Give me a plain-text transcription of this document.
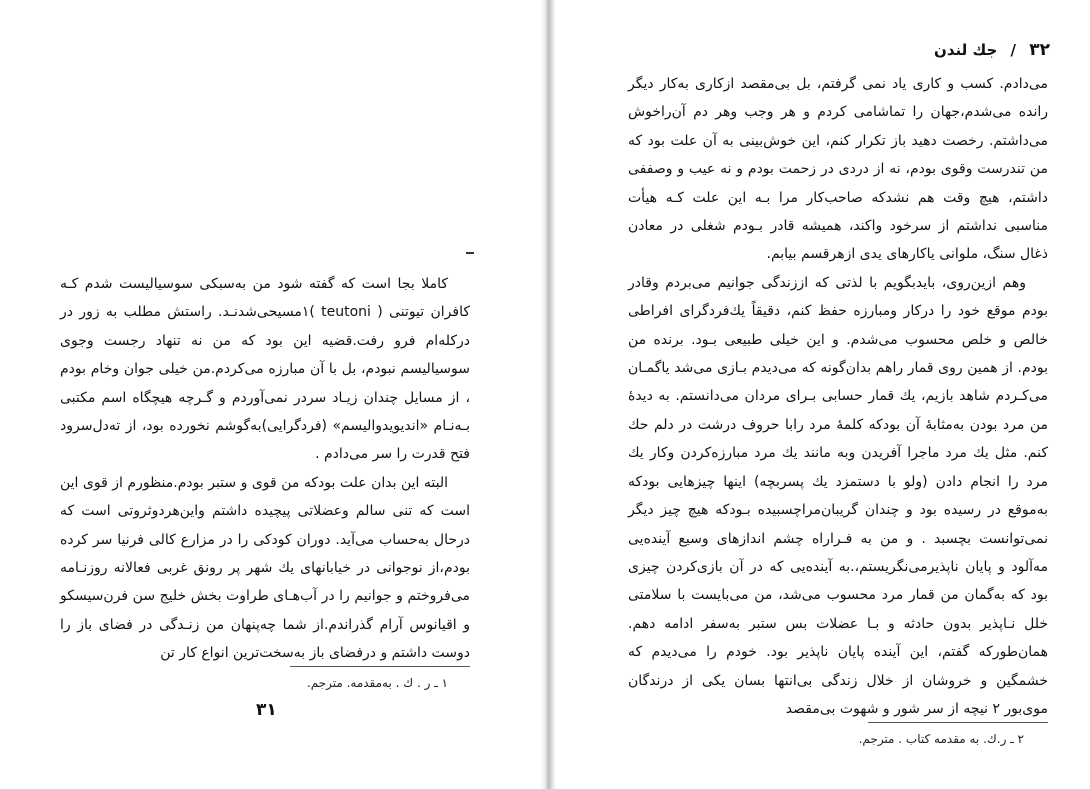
کاملا بجا است که گفته شود من به‌سبکی سوسیالیست شدم کـه کافران تیوتنی ( teutoni )۱مسیحی‌شدنـد. راستش مطلب به زور در درکله‌ام فرو رفت.قضیه این بود که من نه تنهاد رجست وجوی سوسیالیسم نبودم، بل با آن مبارزه می‌کردم.من خیلی جوان وخام بودم ، از مسایل چندان زیـاد سردر نمی‌آوردم و گـرچه هیچگاه اسم مکتبی بـه‌نـام «اندیویدوالیسم» (فردگرایی)به‌گوشم نخورده بود، از تەدل‌سرود فتح قدرت را سر می‌دادم .

البته این بدان علت بودکه من قوی و ستبر بودم.منظورم از قوی این است که تنی سالم وعضلاتی پیچیده داشتم واین‌هردوثروتی است که درحال به‌حساب می‌آید. دوران کودکی را در مزارع کالی فرنیا سر کرده بودم،از نوجوانی در خیابانهای یك شهر پر رونق غربی فعالانه روزنـامه می‌فروختم و جوانیم را در آب‌هـای طراوت بخش خلیج سن فرن‌سیسکو و اقیانوس آرام گذراندم.از شما چه‌پنهان من زنـدگی در فضای باز را دوست داشتم و درفضای باز به‌سخت‌ترین انواع کار تن

۱ ـ ر . ك . به‌مقدمه. مترجم.
۳۱
۳۲ / جك لندن

می‌دادم. کسب و کاری یاد نمی گرفتم، بل بی‌مقصد ازکاری به‌کار دیگر رانده می‌شدم،جهان را تماشامی کردم و هر وجب وهر دم آن‌راخوش می‌داشتم. رخصت دهید باز تکرار کنم، این خوش‌بینی به آن علت بود که من تندرست وقوی بودم، نه از دردی در زحمت بودم و نه عیب و وصففی داشتم، هیچ وقت هم نشدکه صاحب‌کار مرا بـه این علت کـه هیأت مناسبی نداشتم از سرخود واکند، همیشه قادر بـودم شغلی در معادن ذغال سنگ، ملوانی یاکارهای یدی ازهرقسم بیابم.

وهم ازین‌روی، بایدبگویم با لذتی که اززندگی جوانیم می‌بردم وقادر بودم موقع خود را درکار ومبارزه حفظ کنم، دقیقاً یك‌فردگرای افراطی خالص و خلص محسوب می‌شدم. و این خیلی طبیعی بـود. برنده من بودم. از همین روی قمار راهم بدان‌گونه که می‌دیدم بـازی می‌شد یاگمـان می‌کـردم شاهد بازیم، یك قمار حسابی بـرای مردان می‌دانستم. به دیدهٔ من مرد بودن به‌مثابهٔ آن بودکه کلمهٔ مرد رابا حروف درشت در دلم حك کنم. مثل یك مرد ماجرا آفریدن وبه مانند یك مرد مبارزه‌کردن وکار یك مرد را انجام دادن (ولو با دستمزد یك پسربچه) اینها چیزهایی بودکه به‌موقع در رسیده بود و چندان گریبان‌مراچسبیده بـودکه هیچ چیز دیگر نمی‌توانست بچسبد . و من به فـراراه چشم اندازهای وسیع آینده‌یی مه‌آلود و پایان ناپذیرمی‌نگریستم،.به آینده‌یی که در آن بازی‌کردن چیزی بود که به‌گمان من قمار مرد محسوب می‌شد، من می‌بایست با سلامتی خلل نـاپذیر بدون حادثه و بـا عضلات بس ستبر به‌سفر ادامه دهم. همان‌طورکه گفتم، این آینده پایان ناپذیر بود. خودم را می‌دیدم که خشمگین و خروشان از خلال زندگی بی‌انتها بسان یکی از درندگان موی‌بور ۲ نیچه از سر شور و شهوت بی‌مقصد

۲ ـ ر.ك. به مقدمه کتاب . مترجم.
